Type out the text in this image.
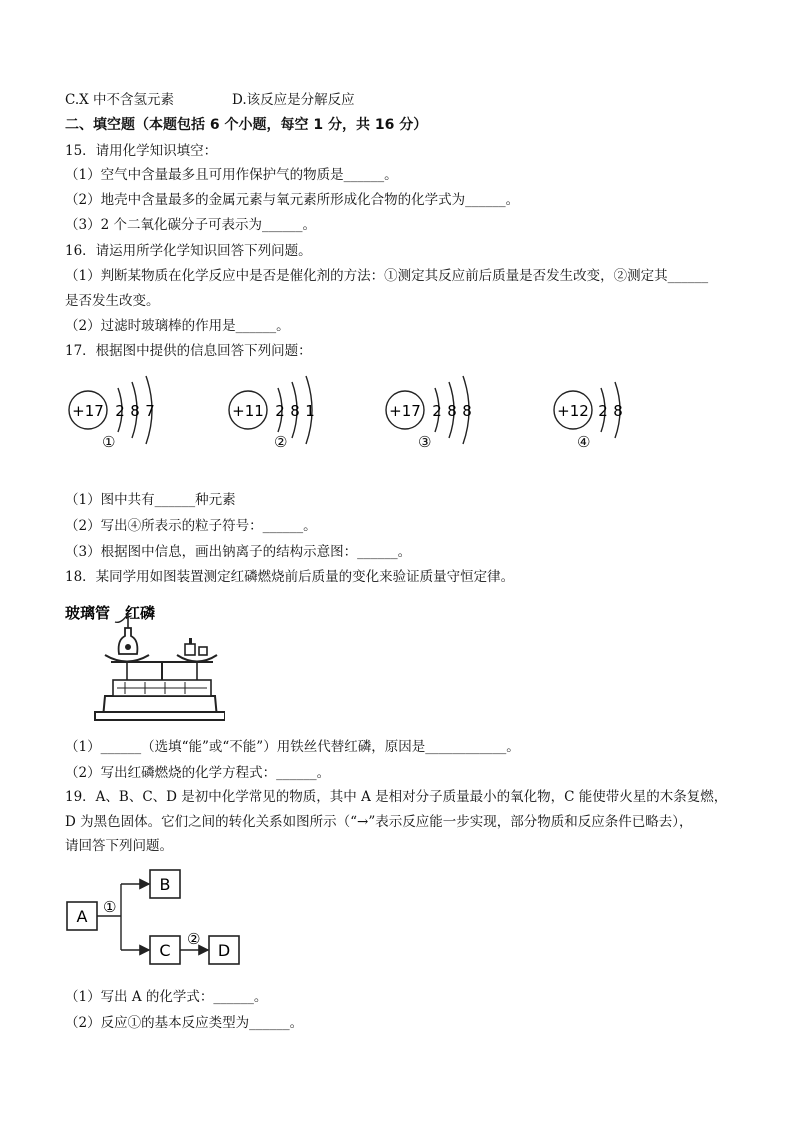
C.X 中不含氢元素	D.该反应是分解反应
二、填空题（本题包括 6 个小题，每空 1 分，共 16 分）
15．请用化学知识填空：
（1）空气中含量最多且可用作保护气的物质是______。
（2）地壳中含量最多的金属元素与氧元素所形成化合物的化学式为______。
（3）2 个二氧化碳分子可表示为______。
16．请运用所学化学知识回答下列问题。
（1）判断某物质在化学反应中是否是催化剂的方法：①测定其反应前后质量是否发生改变，②测定其______
是否发生改变。
（2）过滤时玻璃棒的作用是______。
17．根据图中提供的信息回答下列问题：
+17 2 8 7	+11 2 8 1	+17 2 8 8	+12 2 8
①	②	③	④
（1）图中共有______种元素
（2）写出④所表示的粒子符号：______。
（3）根据图中信息，画出钠离子的结构示意图：______。
18．某同学用如图装置测定红磷燃烧前后质量的变化来验证质量守恒定律。
玻璃管 红磷
（1）______（选填“能”或“不能”）用铁丝代替红磷，原因是____________。
（2）写出红磷燃烧的化学方程式：______。
19．A、B、C、D 是初中化学常见的物质，其中 A 是相对分子质量最小的氧化物，C 能使带火星的木条复燃，
D 为黑色固体。它们之间的转化关系如图所示（“→”表示反应能一步实现，部分物质和反应条件已略去），
请回答下列问题。
A ①
B
C
②
D
（1）写出 A 的化学式：______。
（2）反应①的基本反应类型为______。
